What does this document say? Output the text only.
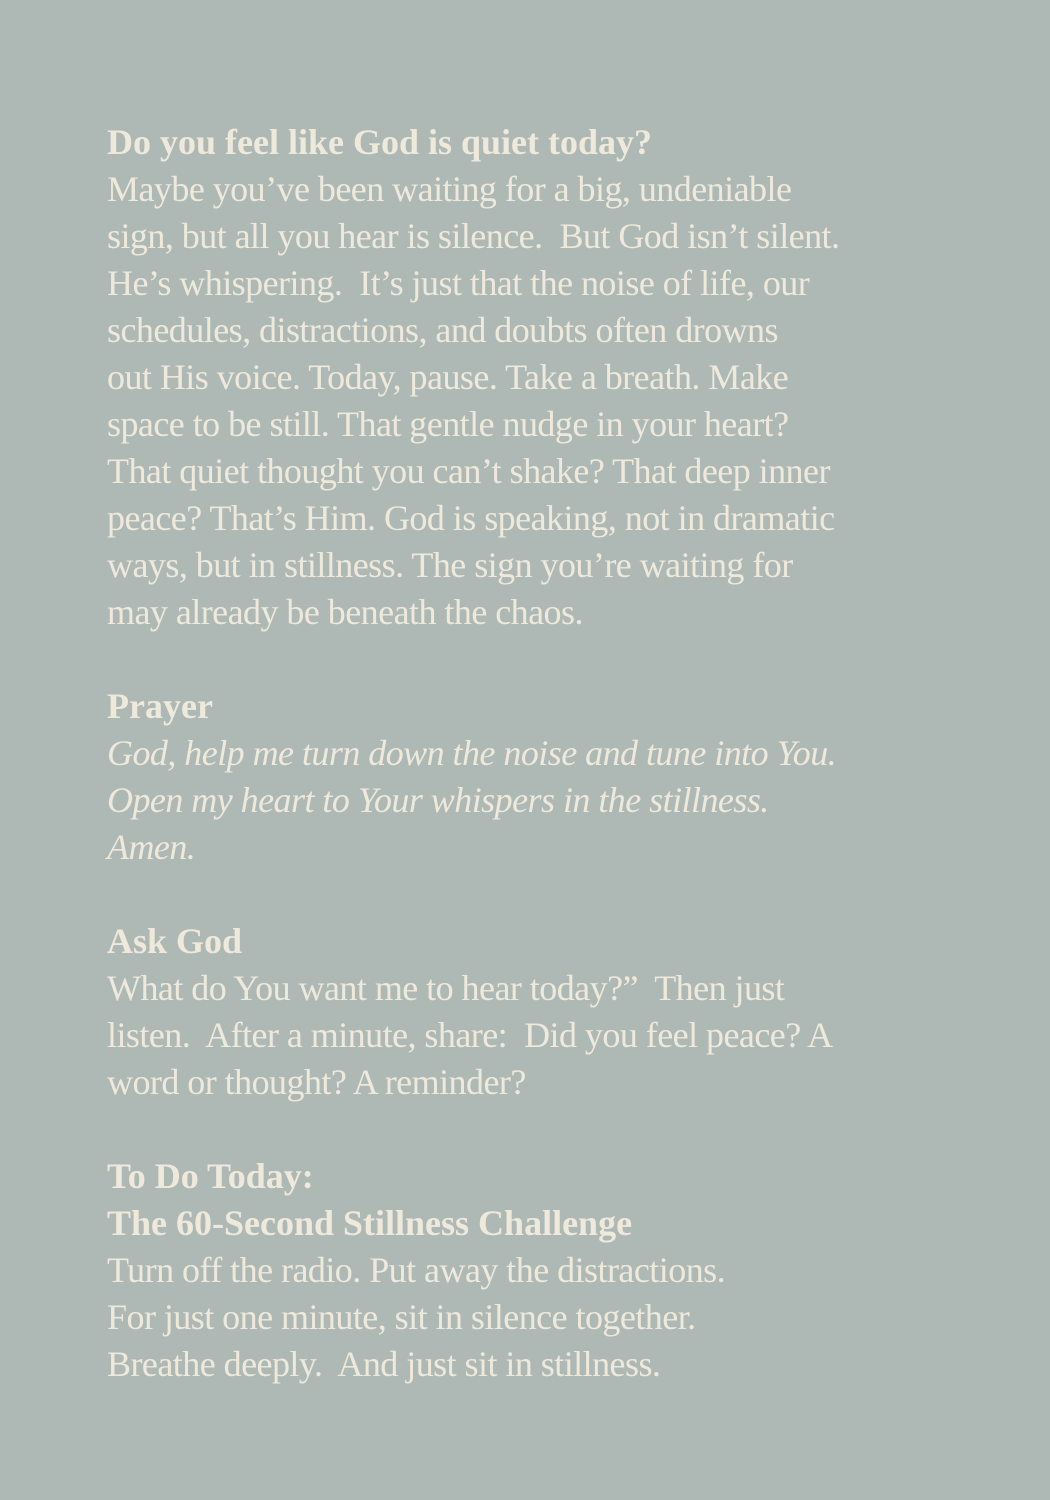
Do you feel like God is quiet today?

Maybe you’ve been waiting for a big, undeniable

sign, but all you hear is silence.  But God isn’t silent.

He’s whispering.  It’s just that the noise of life, our

schedules, distractions, and doubts often drowns

out His voice. Today, pause. Take a breath. Make

space to be still. That gentle nudge in your heart?

That quiet thought you can’t shake? That deep inner

peace? That’s Him. God is speaking, not in dramatic

ways, but in stillness. The sign you’re waiting for

may already be beneath the chaos.

Prayer

God, help me turn down the noise and tune into You.

Open my heart to Your whispers in the stillness.

Amen.

Ask God

What do You want me to hear today?”  Then just

listen.  After a minute, share:  Did you feel peace? A

word or thought? A reminder?

To Do Today:
The 60-Second Stillness Challenge

Turn off the radio. Put away the distractions.

For just one minute, sit in silence together.

Breathe deeply.  And just sit in stillness.
